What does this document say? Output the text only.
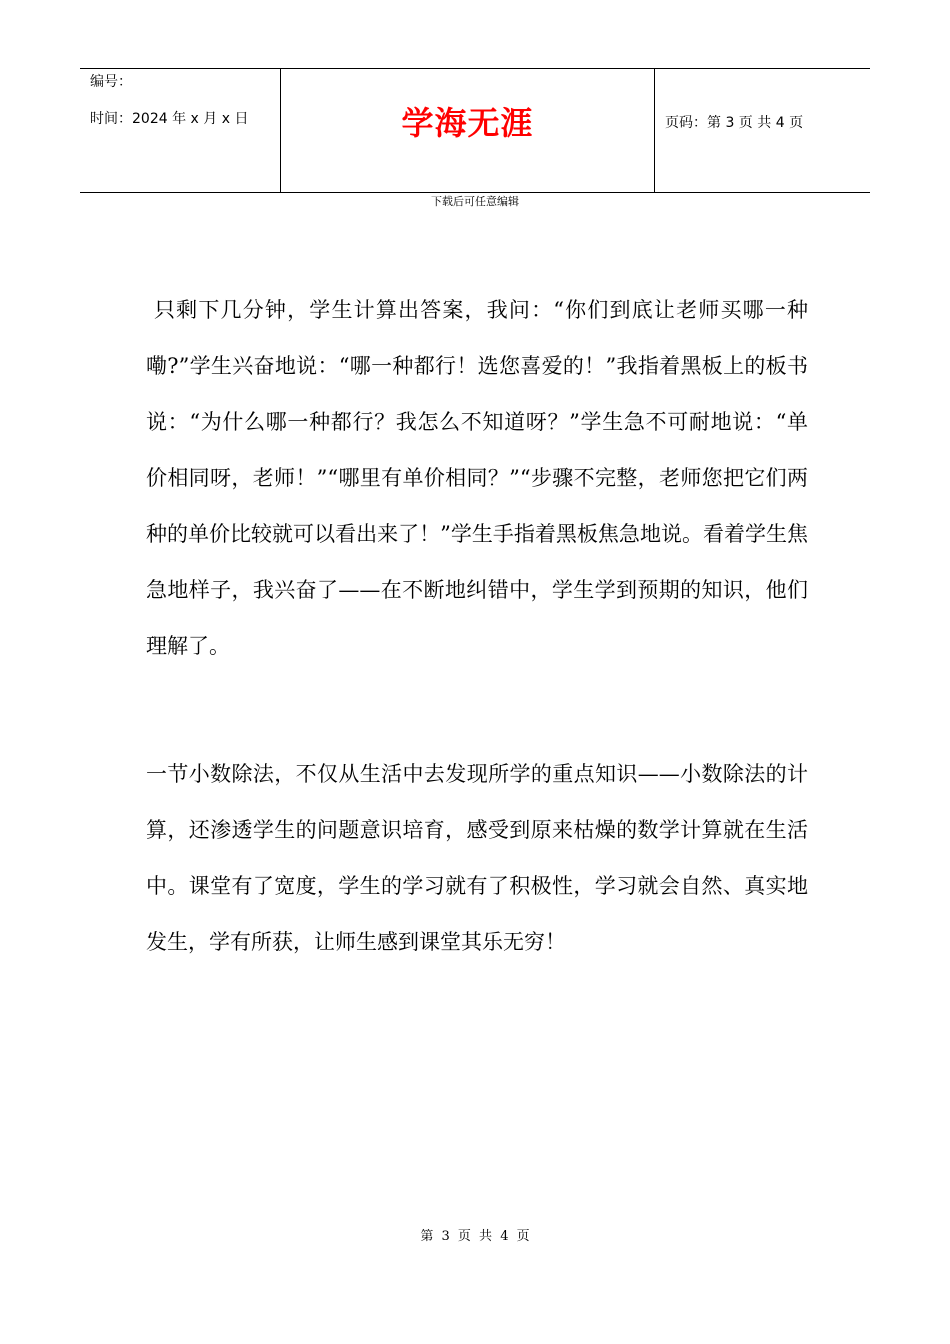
编号：
时间：2024 年 x 月 x 日	学海无涯	页码：第 3 页 共 4 页
下载后可任意编辑

只剩下几分钟，学生计算出答案，我问：“你们到底让老师买哪一种嘞?”学生兴奋地说：“哪一种都行！选您喜爱的！”我指着黑板上的板书说：“为什么哪一种都行？我怎么不知道呀？”学生急不可耐地说：“单价相同呀，老师！”“哪里有单价相同？”“步骤不完整，老师您把它们两种的单价比较就可以看出来了！”学生手指着黑板焦急地说。看着学生焦急地样子，我兴奋了——在不断地纠错中，学生学到预期的知识，他们理解了。

一节小数除法，不仅从生活中去发现所学的重点知识——小数除法的计算，还渗透学生的问题意识培育，感受到原来枯燥的数学计算就在生活中。课堂有了宽度，学生的学习就有了积极性，学习就会自然、真实地发生，学有所获，让师生感到课堂其乐无穷！

第 3 页 共 4 页
